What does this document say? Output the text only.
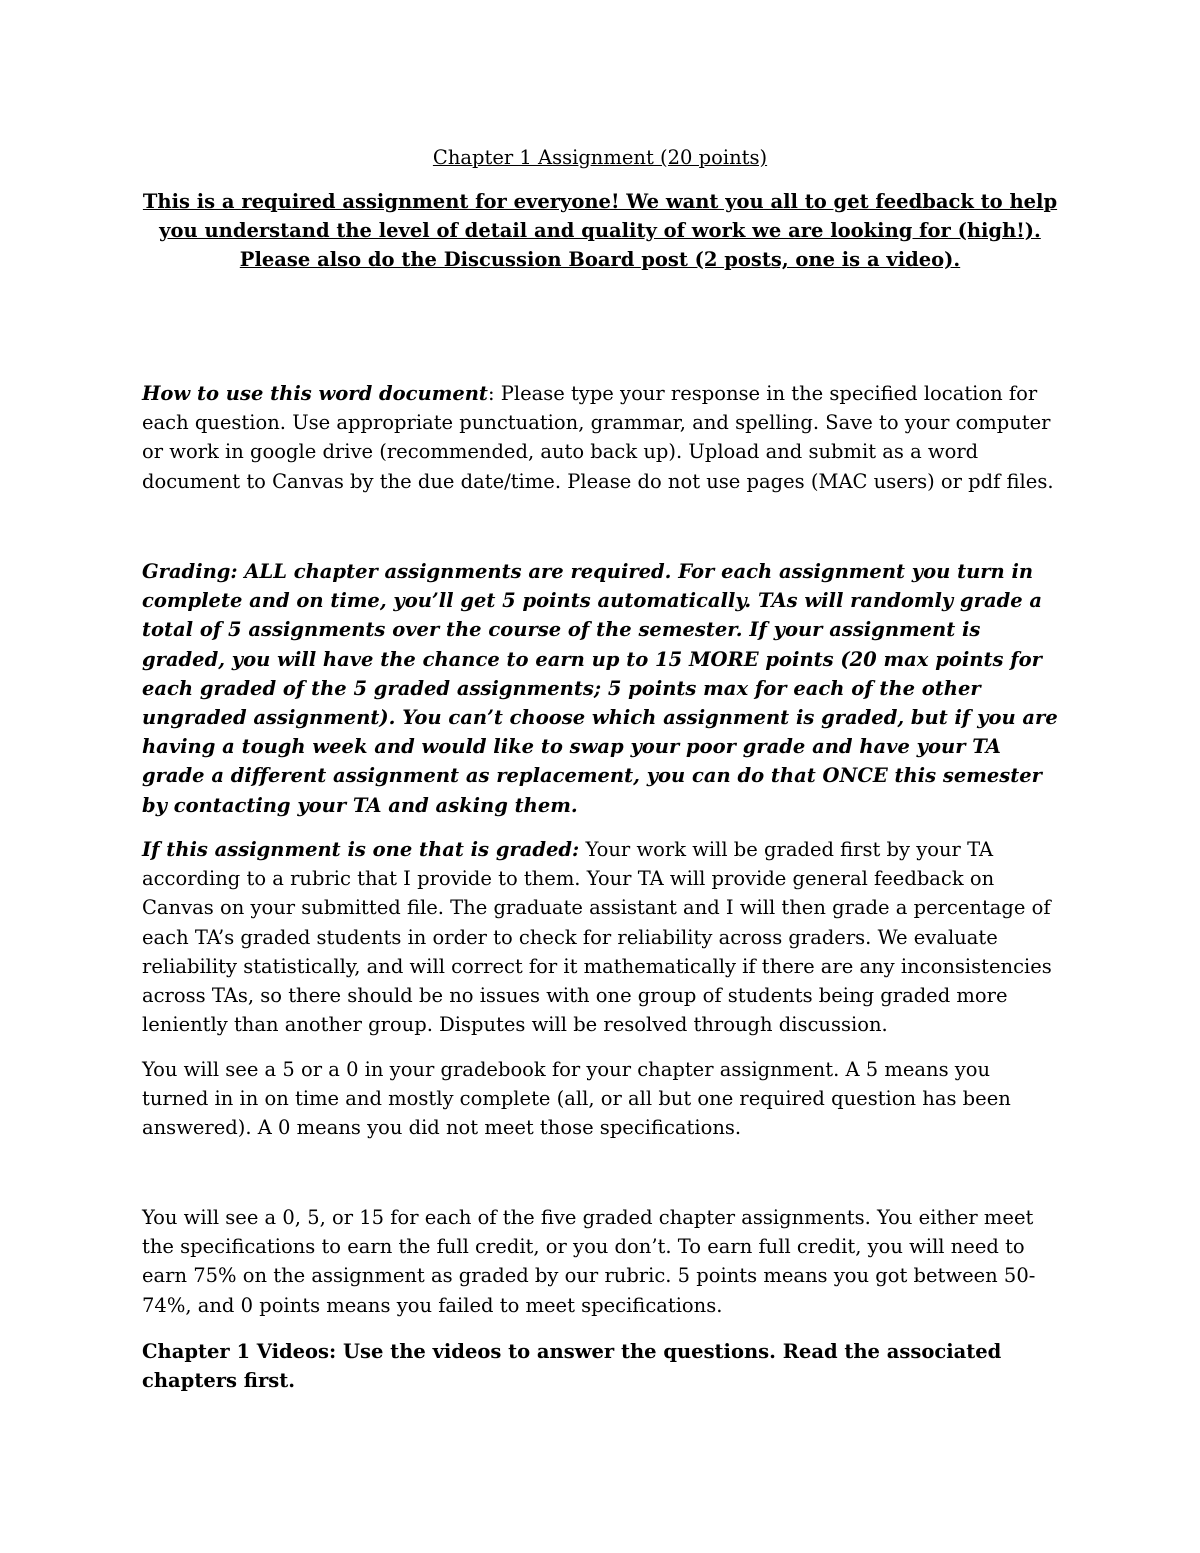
Chapter 1 Assignment (20 points)
This is a required assignment for everyone! We want you all to get feedback to help you understand the level of detail and quality of work we are looking for (high!). Please also do the Discussion Board post (2 posts, one is a video).

How to use this word document: Please type your response in the specified location for each question. Use appropriate punctuation, grammar, and spelling. Save to your computer or work in google drive (recommended, auto back up). Upload and submit as a word document to Canvas by the due date/time. Please do not use pages (MAC users) or pdf files.

Grading: ALL chapter assignments are required. For each assignment you turn in complete and on time, you’ll get 5 points automatically. TAs will randomly grade a total of 5 assignments over the course of the semester. If your assignment is graded, you will have the chance to earn up to 15 MORE points (20 max points for each graded of the 5 graded assignments; 5 points max for each of the other ungraded assignment). You can’t choose which assignment is graded, but if you are having a tough week and would like to swap your poor grade and have your TA grade a different assignment as replacement, you can do that ONCE this semester by contacting your TA and asking them.

If this assignment is one that is graded: Your work will be graded first by your TA according to a rubric that I provide to them. Your TA will provide general feedback on Canvas on your submitted file. The graduate assistant and I will then grade a percentage of each TA’s graded students in order to check for reliability across graders. We evaluate reliability statistically, and will correct for it mathematically if there are any inconsistencies across TAs, so there should be no issues with one group of students being graded more leniently than another group. Disputes will be resolved through discussion.

You will see a 5 or a 0 in your gradebook for your chapter assignment. A 5 means you turned in in on time and mostly complete (all, or all but one required question has been answered). A 0 means you did not meet those specifications.

You will see a 0, 5, or 15 for each of the five graded chapter assignments. You either meet the specifications to earn the full credit, or you don’t. To earn full credit, you will need to earn 75% on the assignment as graded by our rubric. 5 points means you got between 50-74%, and 0 points means you failed to meet specifications.

Chapter 1 Videos: Use the videos to answer the questions. Read the associated chapters first.
